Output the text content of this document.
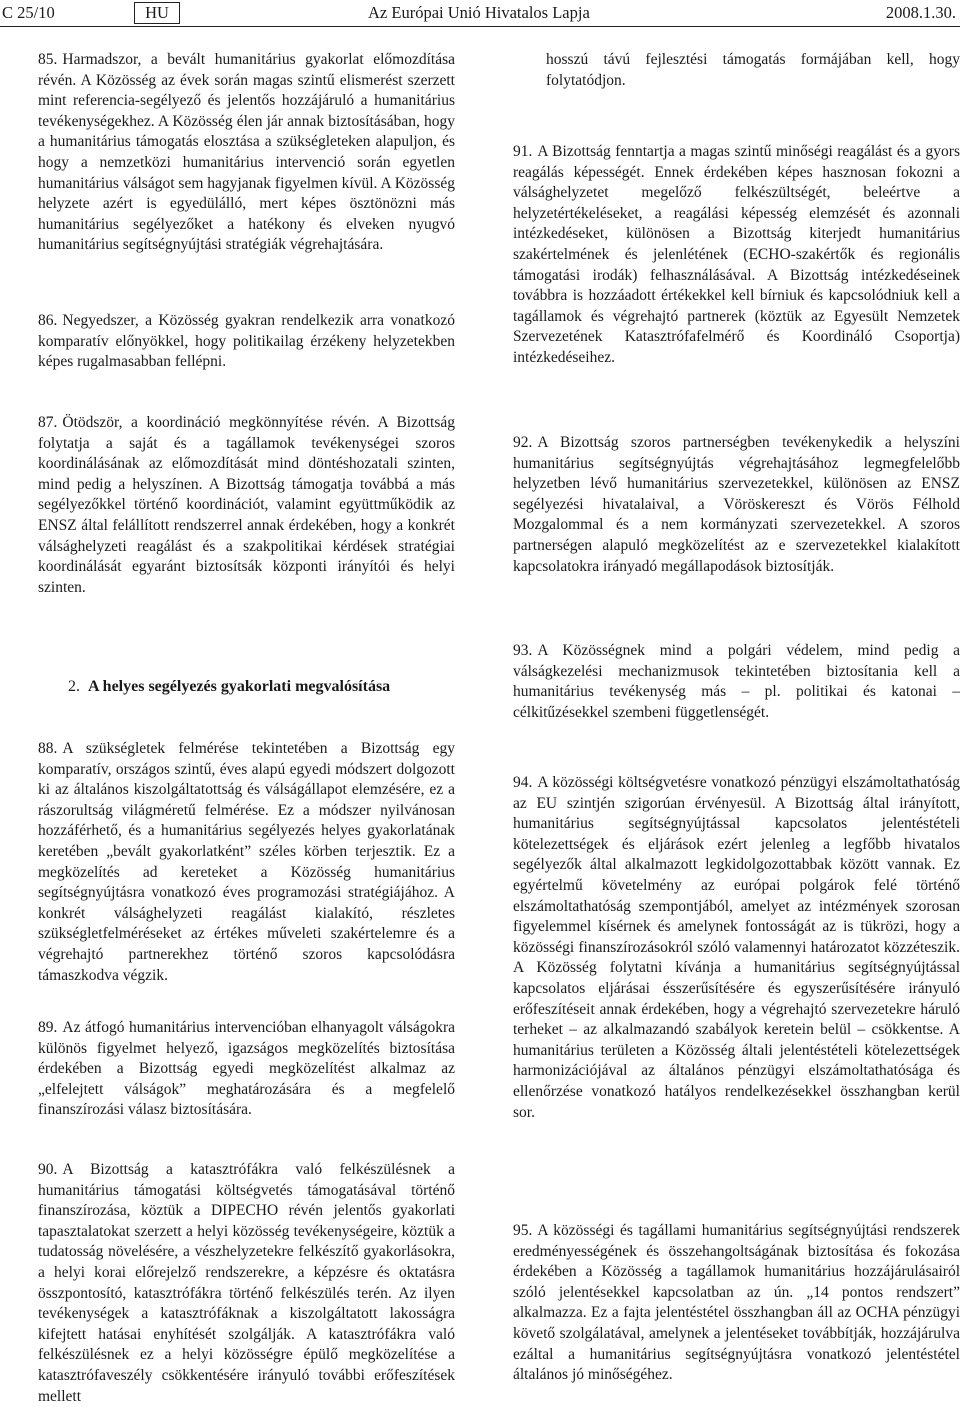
C 25/10	HU	Az Európai Unió Hivatalos Lapja	2008.1.30.
85. Harmadszor, a bevált humanitárius gyakorlat előmozdítása révén. A Közösség az évek során magas szintű elismerést szerzett mint referencia-segélyező és jelentős hozzájáruló a humanitárius tevékenységekhez. A Közösség élen jár annak biztosításában, hogy a humanitárius támogatás elosztása a szükségleteken alapuljon, és hogy a nemzetközi humanitárius intervenció során egyetlen humanitárius válságot sem hagyjanak figyelmen kívül. A Közösség helyzete azért is egyedülálló, mert képes ösztönözni más humanitárius segélyezőket a hatékony és elveken nyugvó humanitárius segítségnyújtási stratégiák végrehajtására.
86. Negyedszer, a Közösség gyakran rendelkezik arra vonatkozó komparatív előnyökkel, hogy politikailag érzékeny helyzetekben képes rugalmasabban fellépni.
87. Ötödször, a koordináció megkönnyítése révén. A Bizottság folytatja a saját és a tagállamok tevékenységei szoros koordinálásának az előmozdítását mind döntéshozatali szinten, mind pedig a helyszínen. A Bizottság támogatja továbbá a más segélyezőkkel történő koordinációt, valamint együttműködik az ENSZ által felállított rendszerrel annak érdekében, hogy a konkrét válsághelyzeti reagálást és a szakpolitikai kérdések stratégiai koordinálását egyaránt biztosítsák központi irányítói és helyi szinten.
2. A helyes segélyezés gyakorlati megvalósítása
88. A szükségletek felmérése tekintetében a Bizottság egy komparatív, országos szintű, éves alapú egyedi módszert dolgozott ki az általános kiszolgáltatottság és válságállapot elemzésére, ez a rászorultság világméretű felmérése. Ez a módszer nyilvánosan hozzáférhető, és a humanitárius segélyezés helyes gyakorlatának keretében „bevált gyakorlatként” széles körben terjesztik. Ez a megközelítés ad kereteket a Közösség humanitárius segítségnyújtásra vonatkozó éves programozási stratégiájához. A konkrét válsághelyzeti reagálást kialakító, részletes szükségletfelméréseket az értékes műveleti szakértelemre és a végrehajtó partnerekhez történő szoros kapcsolódásra támaszkodva végzik.
89. Az átfogó humanitárius intervencióban elhanyagolt válságokra különös figyelmet helyező, igazságos megközelítés biztosítása érdekében a Bizottság egyedi megközelítést alkalmaz az „elfelejtett válságok” meghatározására és a megfelelő finanszírozási válasz biztosítására.
90. A Bizottság a katasztrófákra való felkészülésnek a humanitárius támogatási költségvetés támogatásával történő finanszírozása, köztük a DIPECHO révén jelentős gyakorlati tapasztalatokat szerzett a helyi közösség tevékenységeire, köztük a tudatosság növelésére, a vészhelyzetekre felkészítő gyakorlásokra, a helyi korai előrejelző rendszerekre, a képzésre és oktatásra összpontosító, katasztrófákra történő felkészülés terén. Az ilyen tevékenységek a katasztrófáknak a kiszolgáltatott lakosságra kifejtett hatásai enyhítését szolgálják. A katasztrófákra való felkészülésnek ez a helyi közösségre épülő megközelítése a katasztrófaveszély csökkentésére irányuló további erőfeszítések mellett
hosszú távú fejlesztési támogatás formájában kell, hogy folytatódjon.
91. A Bizottság fenntartja a magas szintű minőségi reagálást és a gyors reagálás képességét. Ennek érdekében képes hasznosan fokozni a válsághelyzetet megelőző felkészültségét, beleértve a helyzetértékeléseket, a reagálási képesség elemzését és azonnali intézkedéseket, különösen a Bizottság kiterjedt humanitárius szakértelmének és jelenlétének (ECHO-szakértők és regionális támogatási irodák) felhasználásával. A Bizottság intézkedéseinek továbbra is hozzáadott értékekkel kell bírniuk és kapcsolódniuk kell a tagállamok és végrehajtó partnerek (köztük az Egyesült Nemzetek Szervezetének Katasztrófafelmérő és Koordináló Csoportja) intézkedéseihez.
92. A Bizottság szoros partnerségben tevékenykedik a helyszíni humanitárius segítségnyújtás végrehajtásához legmegfelelőbb helyzetben lévő humanitárius szervezetekkel, különösen az ENSZ segélyezési hivatalaival, a Vöröskereszt és Vörös Félhold Mozgalommal és a nem kormányzati szervezetekkel. A szoros partnerségen alapuló megközelítést az e szervezetekkel kialakított kapcsolatokra irányadó megállapodások biztosítják.
93. A Közösségnek mind a polgári védelem, mind pedig a válságkezelési mechanizmusok tekintetében biztosítania kell a humanitárius tevékenység más – pl. politikai és katonai – célkitűzésekkel szembeni függetlenségét.
94. A közösségi költségvetésre vonatkozó pénzügyi elszámoltathatóság az EU szintjén szigorúan érvényesül. A Bizottság által irányított, humanitárius segítségnyújtással kapcsolatos jelentéstételi kötelezettségek és eljárások ezért jelenleg a legfőbb hivatalos segélyezők által alkalmazott legkidolgozottabbak között vannak. Ez egyértelmű követelmény az európai polgárok felé történő elszámoltathatóság szempontjából, amelyet az intézmények szorosan figyelemmel kísérnek és amelynek fontosságát az is tükrözi, hogy a közösségi finanszírozásokról szóló valamennyi határozatot közzéteszik. A Közösség folytatni kívánja a humanitárius segítségnyújtással kapcsolatos eljárásai ésszerűsítésére és egyszerűsítésére irányuló erőfeszítéseit annak érdekében, hogy a végrehajtó szervezetekre háruló terheket – az alkalmazandó szabályok keretein belül – csökkentse. A humanitárius területen a Közösség általi jelentéstételi kötelezettségek harmonizációjával az általános pénzügyi elszámoltathatósága és ellenőrzése vonatkozó hatályos rendelkezésekkel összhangban kerül sor.
95. A közösségi és tagállami humanitárius segítségnyújtási rendszerek eredményességének és összehangoltságának biztosítása és fokozása érdekében a Közösség a tagállamok humanitárius hozzájárulásairól szóló jelentésekkel kapcsolatban az ún. „14 pontos rendszert” alkalmazza. Ez a fajta jelentéstétel összhangban áll az OCHA pénzügyi követő szolgálatával, amelynek a jelentéseket továbbítják, hozzájárulva ezáltal a humanitárius segítségnyújtásra vonatkozó jelentéstétel általános jó minőségéhez.
